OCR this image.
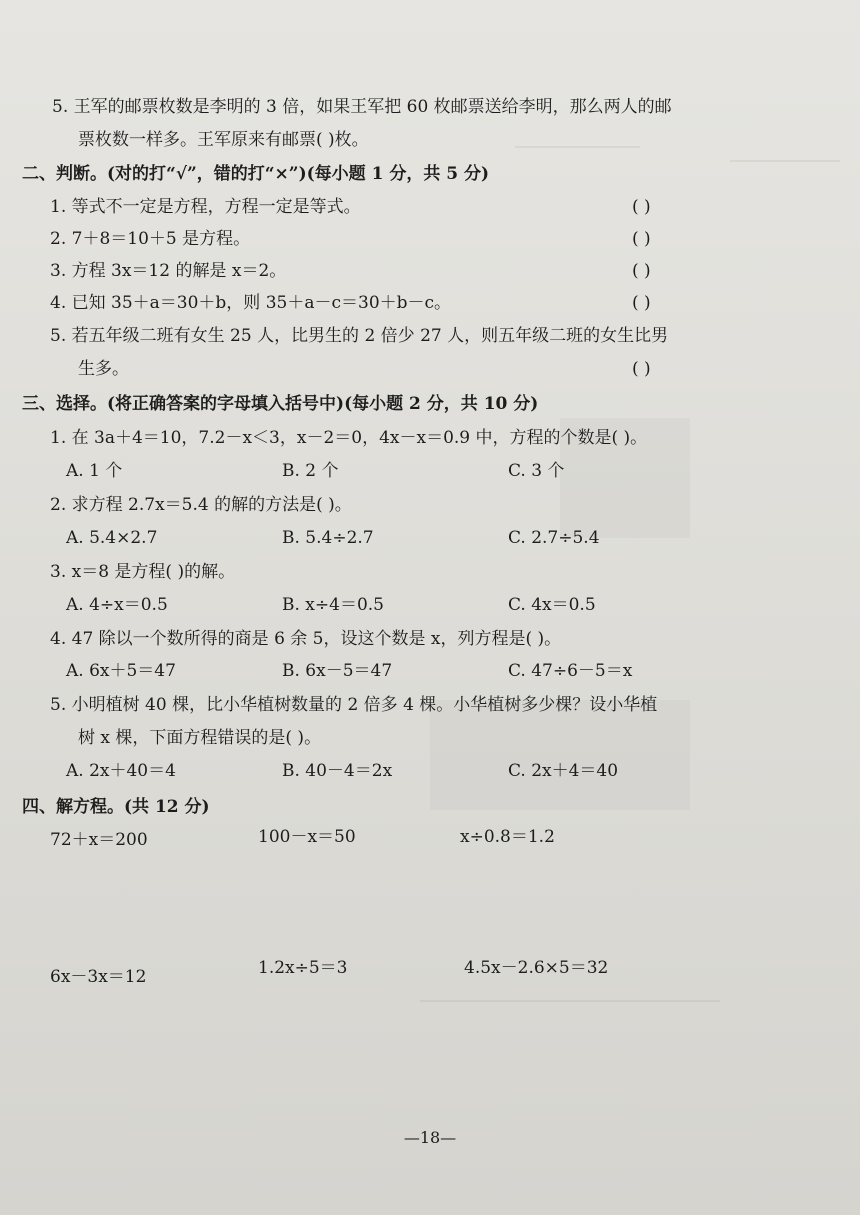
5. 王军的邮票枚数是李明的 3 倍，如果王军把 60 枚邮票送给李明，那么两人的邮
票枚数一样多。王军原来有邮票( )枚。
二、判断。(对的打“√”，错的打“×”)(每小题 1 分，共 5 分)
1. 等式不一定是方程，方程一定是等式。	( )
2. 7＋8＝10＋5 是方程。	( )
3. 方程 3x＝12 的解是 x＝2。	( )
4. 已知 35＋a＝30＋b，则 35＋a－c＝30＋b－c。	( )
5. 若五年级二班有女生 25 人，比男生的 2 倍少 27 人，则五年级二班的女生比男
生多。	( )
三、选择。(将正确答案的字母填入括号中)(每小题 2 分，共 10 分)
1. 在 3a＋4＝10，7.2－x＜3，x－2＝0，4x－x＝0.9 中，方程的个数是( )。
A. 1 个	B. 2 个	C. 3 个
2. 求方程 2.7x＝5.4 的解的方法是( )。
A. 5.4×2.7	B. 5.4÷2.7	C. 2.7÷5.4
3. x＝8 是方程( )的解。
A. 4÷x＝0.5	B. x÷4＝0.5	C. 4x＝0.5
4. 47 除以一个数所得的商是 6 余 5，设这个数是 x，列方程是( )。
A. 6x＋5＝47	B. 6x－5＝47	C. 47÷6－5＝x
5. 小明植树 40 棵，比小华植树数量的 2 倍多 4 棵。小华植树多少棵？设小华植
树 x 棵，下面方程错误的是( )。
A. 2x＋40＝4	B. 40－4＝2x	C. 2x＋4＝40
四、解方程。(共 12 分)
72＋x＝200	100－x＝50	x÷0.8＝1.2
6x－3x＝12	1.2x÷5＝3	4.5x－2.6×5＝32
—18—
